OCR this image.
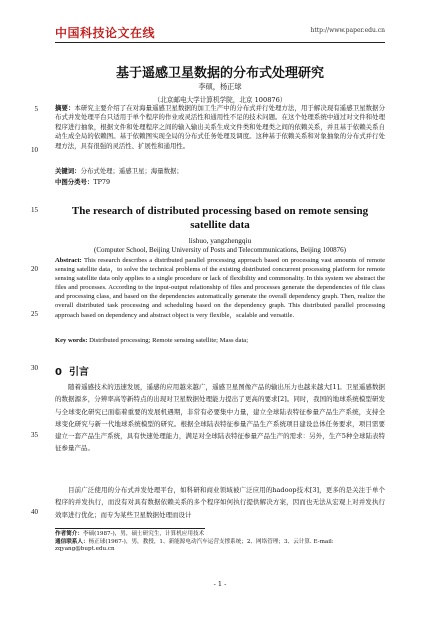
中国科技论文在线	http://www.paper.edu.cn
5
10
15
20
25
30
35
40
基于遥感卫星数据的分布式处理研究
李硕，杨正球
（北京邮电大学计算机学院，北京 100876）
摘要：本研究主要介绍了在对海量遥感卫星数据的加工生产中的分布式并行处理方法，用于解决现有遥感卫星数据分布式并发处理平台只适用于单个程序的作业或灵活性和通用性不足的技术问题。在这个处理系统中通过对文件和处理程序进行抽象，根据文件和处理程序之间的输入输出关系生成文件类和处理类之间的依赖关系，并且基于依赖关系自动生成全局的依赖图。基于依赖图实现全局的分布式任务处理及调度。这种基于依赖关系和对象抽象的分布式并行处理方法，具有很强的灵活性、扩展性和通用性。
关键词：分布式处理；遥感卫星；海量数据；
中图分类号：TP79
The research of distributed processing based on remote sensing satellite data
lishuo, yangzhengqiu
(Computer School, Beijing University of Posts and Telecommunications, Beijing 100876)
Abstract: This research describes a distributed parallel processing approach based on processing vast amounts of remote sensing satellite data，to solve the technical problems of the existing distributed concurrent processing platform for remote sensing satellite data only applies to a single procedure or lack of flexibility and commonality. In this system we abstract the files and processes. According to the input-output relationship of files and processes generate the dependencies of file class and processing class, and based on the dependencies automatically generate the overall dependency graph. Then, realize the overall distributed task processing and scheduling based on the dependency graph. This distributed parallel processing approach based on dependency and abstract object is very flexible，scalable and versatile.
Key words: Distributed processing; Remote sensing satellite; Mass data;
0 引言
随着遥感技术的迅速发展，遥感的应用越来越广，遥感卫星图像产品的输出压力也越来越大[1]。卫星遥感数据的数据源多，分辨率高等新特点的出现对卫星数据处理能力提出了更高的要求[2]。同时，我国的地球系统模型研发与全球变化研究已面临着重要的发展机遇期，非常有必要集中力量，建立全球陆表特征参量产品生产系统，支持全球变化研究与新一代地球系统模型的研究。根据全球陆表特征参量产品生产系统项目建设总体任务要求，项目需要建立一套产品生产系统，具有快速处理能力，满足对全球陆表特征参量产品生产的需求：另外，生产5种全球陆表特征参量产品。
目前广泛使用的分布式并发处理平台，如科研和商业领域被广泛应用的hadoop技术[3]，更多的是关注于单个程序的并发执行，而没有对具有数据依赖关系的多个程序如何执行提供解决方案，因而也无法从宏观上对并发执行效率进行优化；而专为某些卫星数据处理而设计
作者简介：李硕(1987-)，男，硕士研究生，计算机应用技术
通信联系人：杨正球(1967-)，男，教授，1、新能源电动汽车运营支撑系统；2、网络管理；3、云计算. E-mail: zqyang@bupt.edu.cn
- 1 -
